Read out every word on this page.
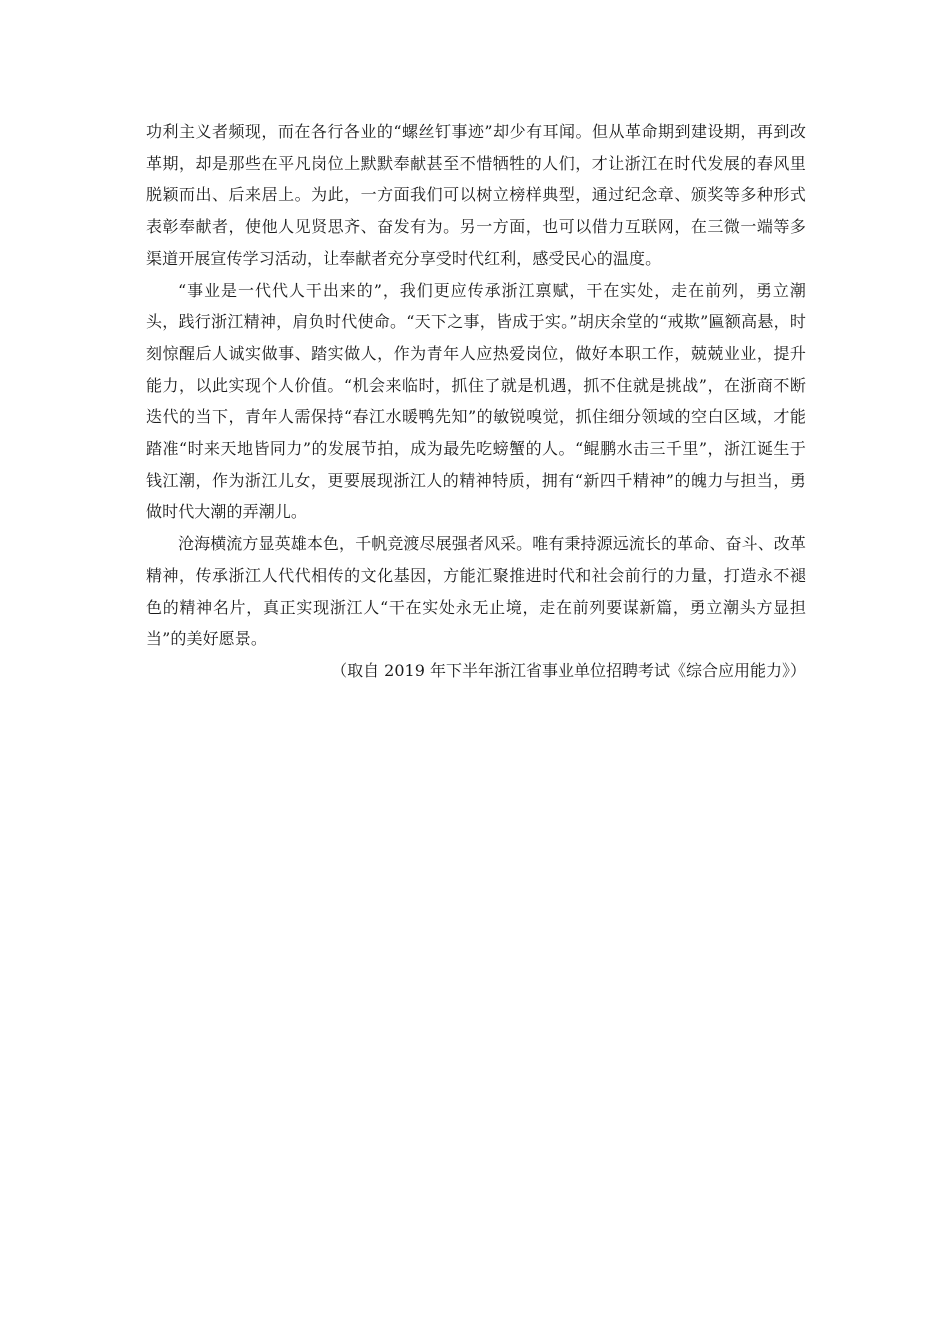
功利主义者频现，而在各行各业的“螺丝钉事迹”却少有耳闻。但从革命期到建设期，再到改革期，却是那些在平凡岗位上默默奉献甚至不惜牺牲的人们，才让浙江在时代发展的春风里脱颖而出、后来居上。为此，一方面我们可以树立榜样典型，通过纪念章、颁奖等多种形式表彰奉献者，使他人见贤思齐、奋发有为。另一方面，也可以借力互联网，在三微一端等多渠道开展宣传学习活动，让奉献者充分享受时代红利，感受民心的温度。

“事业是一代代人干出来的”，我们更应传承浙江禀赋，干在实处，走在前列，勇立潮头，践行浙江精神，肩负时代使命。“天下之事，皆成于实。”胡庆余堂的“戒欺”匾额高悬，时刻惊醒后人诚实做事、踏实做人，作为青年人应热爱岗位，做好本职工作，兢兢业业，提升能力，以此实现个人价值。“机会来临时，抓住了就是机遇，抓不住就是挑战”，在浙商不断迭代的当下，青年人需保持“春江水暖鸭先知”的敏锐嗅觉，抓住细分领域的空白区域，才能踏准“时来天地皆同力”的发展节拍，成为最先吃螃蟹的人。“鲲鹏水击三千里”，浙江诞生于钱江潮，作为浙江儿女，更要展现浙江人的精神特质，拥有“新四千精神”的魄力与担当，勇做时代大潮的弄潮儿。

沧海横流方显英雄本色，千帆竞渡尽展强者风采。唯有秉持源远流长的革命、奋斗、改革精神，传承浙江人代代相传的文化基因，方能汇聚推进时代和社会前行的力量，打造永不褪色的精神名片，真正实现浙江人“干在实处永无止境，走在前列要谋新篇，勇立潮头方显担当”的美好愿景。

（取自 2019 年下半年浙江省事业单位招聘考试《综合应用能力》）
